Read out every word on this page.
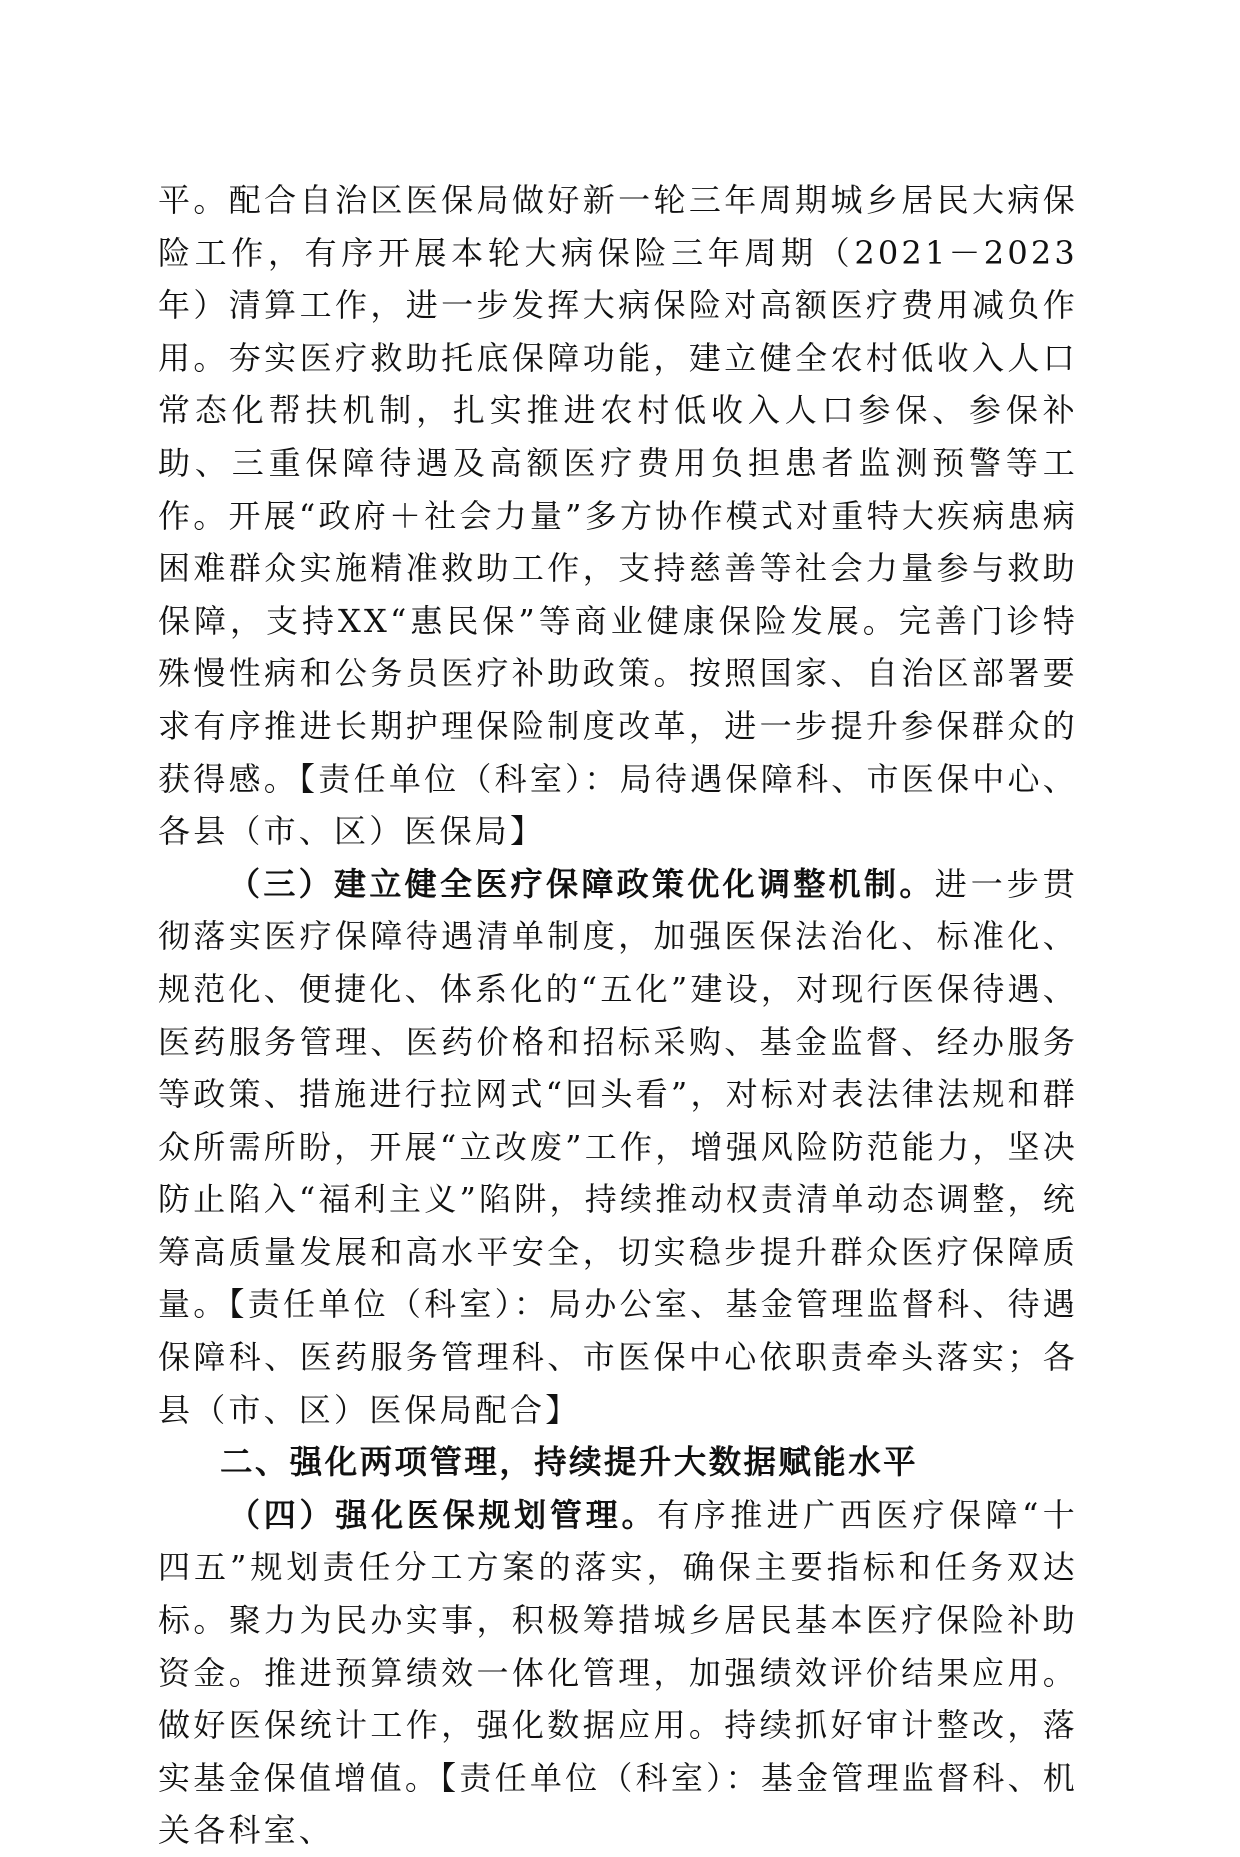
平。配合自治区医保局做好新一轮三年周期城乡居民大病保险工作，有序开展本轮大病保险三年周期（2021－2023年）清算工作，进一步发挥大病保险对高额医疗费用减负作用。夯实医疗救助托底保障功能，建立健全农村低收入人口常态化帮扶机制，扎实推进农村低收入人口参保、参保补助、三重保障待遇及高额医疗费用负担患者监测预警等工作。开展“政府＋社会力量”多方协作模式对重特大疾病患病困难群众实施精准救助工作，支持慈善等社会力量参与救助保障，支持XX“惠民保”等商业健康保险发展。完善门诊特殊慢性病和公务员医疗补助政策。按照国家、自治区部署要求有序推进长期护理保险制度改革，进一步提升参保群众的获得感。【责任单位（科室）：局待遇保障科、市医保中心、各县（市、区）医保局】

（三）建立健全医疗保障政策优化调整机制。进一步贯彻落实医疗保障待遇清单制度，加强医保法治化、标准化、规范化、便捷化、体系化的“五化”建设，对现行医保待遇、医药服务管理、医药价格和招标采购、基金监督、经办服务等政策、措施进行拉网式“回头看”，对标对表法律法规和群众所需所盼，开展“立改废”工作，增强风险防范能力，坚决防止陷入“福利主义”陷阱，持续推动权责清单动态调整，统筹高质量发展和高水平安全，切实稳步提升群众医疗保障质量。【责任单位（科室）：局办公室、基金管理监督科、待遇保障科、医药服务管理科、市医保中心依职责牵头落实；各县（市、区）医保局配合】

二、强化两项管理，持续提升大数据赋能水平

（四）强化医保规划管理。有序推进广西医疗保障“十四五”规划责任分工方案的落实，确保主要指标和任务双达标。聚力为民办实事，积极筹措城乡居民基本医疗保险补助资金。推进预算绩效一体化管理，加强绩效评价结果应用。做好医保统计工作，强化数据应用。持续抓好审计整改，落实基金保值增值。【责任单位（科室）：基金管理监督科、机关各科室、
